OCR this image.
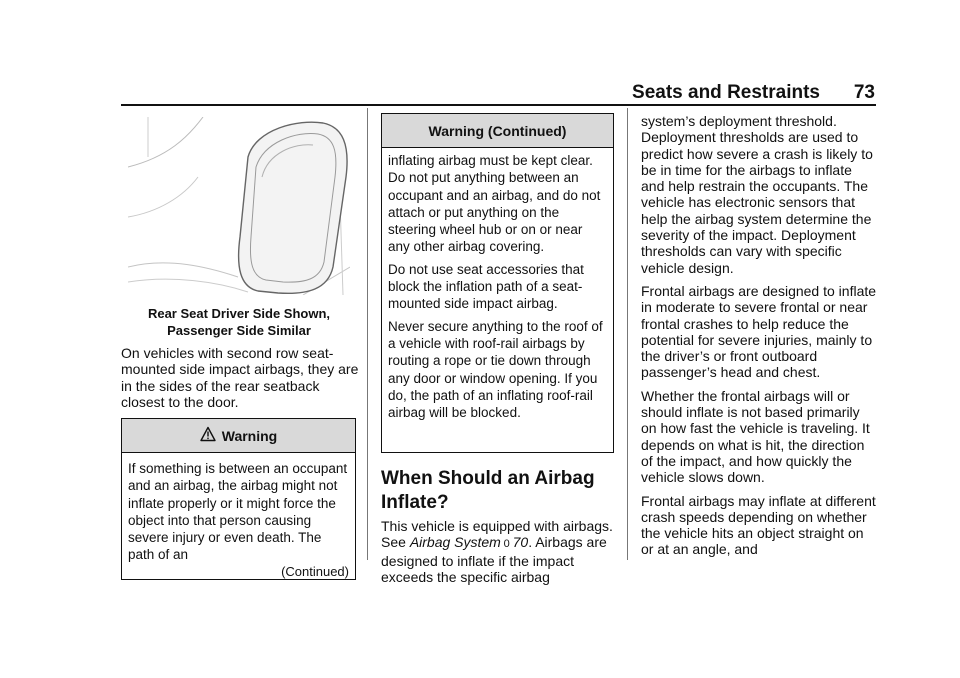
Seats and Restraints	73
Rear Seat Driver Side Shown,
Passenger Side Similar

On vehicles with second row seat-mounted side impact airbags, they are in the sides of the rear seatback closest to the door.

Warning

If something is between an occupant and an airbag, the airbag might not inflate properly or it might force the object into that person causing severe injury or even death. The path of an

(Continued)
Warning (Continued)

inflating airbag must be kept clear. Do not put anything between an occupant and an airbag, and do not attach or put anything on the steering wheel hub or on or near any other airbag covering.

Do not use seat accessories that block the inflation path of a seat-mounted side impact airbag.

Never secure anything to the roof of a vehicle with roof-rail airbags by routing a rope or tie down through any door or window opening. If you do, the path of an inflating roof-rail airbag will be blocked.

When Should an Airbag Inflate?

This vehicle is equipped with airbags. See Airbag System  0  70. Airbags are designed to inflate if the impact exceeds the specific airbag

system’s deployment threshold. Deployment thresholds are used to predict how severe a crash is likely to be in time for the airbags to inflate and help restrain the occupants. The vehicle has electronic sensors that help the airbag system determine the severity of the impact. Deployment thresholds can vary with specific vehicle design.

Frontal airbags are designed to inflate in moderate to severe frontal or near frontal crashes to help reduce the potential for severe injuries, mainly to the driver’s or front outboard passenger’s head and chest.

Whether the frontal airbags will or should inflate is not based primarily on how fast the vehicle is traveling. It depends on what is hit, the direction of the impact, and how quickly the vehicle slows down.

Frontal airbags may inflate at different crash speeds depending on whether the vehicle hits an object straight on or at an angle, and
